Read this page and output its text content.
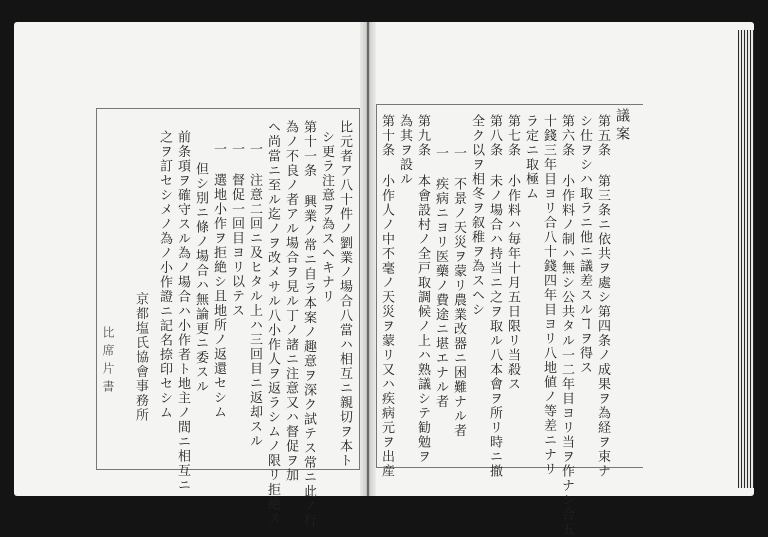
比席片書
議案
第五条 第三条ニ依共ヲ處シ第四条ノ成果ヲ為経ヲ束ナ
シ仕ヲシハ取ラニ他ニ議差スルヿヲ得ス
第六条 小作料ノ制ハ無シ公共タル一二年目ヨリ当ヲ作ナシ合五
十錢三年目ヨリ合八十錢四年目ヨリ八地値ノ等差ニナリ
ラ定ニ取極ム
第七条 小作料ハ毎年十月五日限リ当殺ス
第八条 未ノ場合ハ持当ニ之ヲ取ル八本會ヲ所リ時ニ撤
全ク以ヲ相冬ヲ叙稚ヲ為スヘシ
一 不景ノ天災ヲ蒙リ農業改器ニ困難ナル者
一 疾病ニヨリ医藥ノ費途ニ堪エナル者
第九条 本會設村ノ全戸取調候ノ上ハ熟議シテ勧勉ヲ
為其ヲ設ル
第十条 小作人ノ中不毫ノ天災ヲ蒙リ又ハ疾病元ヲ出産
比元者ア八十件ノ劉業ノ場合八當ハ相互ニ親切ヲ本ト
シ更ラ注意ヲ為スヘキナリ
第十一条 興業ノ常ニ自ラ本案ノ趣意ヲ深ク試テス常ニ此ノ行
為ノ不良ノ者アル場合ヲ見ル丁ノ諸ニ注意又ハ督促ヲ加
ヘ尚當ニ至ル迄ノヲ改メサル八小作人ヲ返ラシムノ限リ拒絶ス
一 注意二回ニ及ヒタル上ハ三回目ニ返却スル
一 督促一回目ヨリ以テス
一 選地小作ヲ拒絶シ且地所ノ返還セシム
但シ別ニ條ノ場合ハ無論更ニ委スル
前条項ヲ確守スル為ノ場合ハ小作者ト地主ノ間ニ相互ニ
之ヲ訂セシメノ為ノ小作證ニ記名捺印セシム
京都塩氏協會事務所
